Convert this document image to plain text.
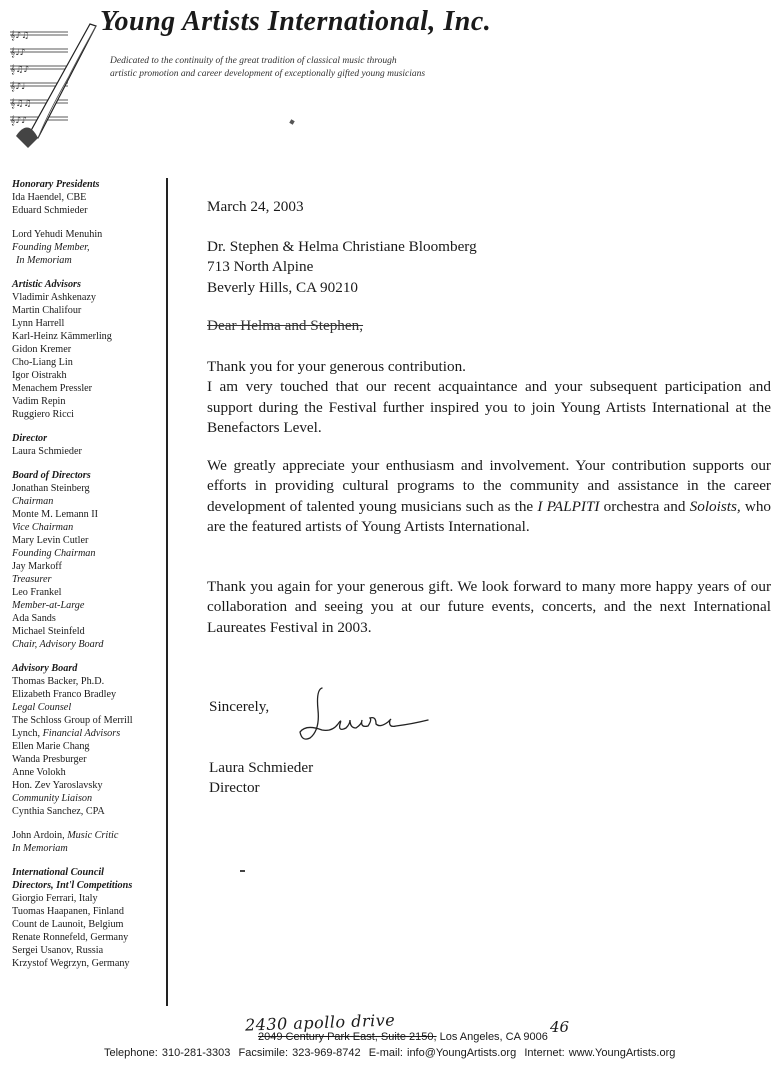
𝄞♪♫
𝄞♩♪
𝄞♫♪
𝄞♪♩
𝄞♫♫
𝄞♪♪
Young Artists International, Inc.
Dedicated to the continuity of the great tradition of classical music through
artistic promotion and career development of exceptionally gifted young musicians
Honorary Presidents
Ida Haendel, CBE
Eduard Schmieder
Lord Yehudi Menuhin
Founding Member,
In Memoriam
Artistic Advisors
Vladimir Ashkenazy
Martin Chalifour
Lynn Harrell
Karl-Heinz Kämmerling
Gidon Kremer
Cho-Liang Lin
Igor Oistrakh
Menachem Pressler
Vadim Repin
Ruggiero Ricci
Director
Laura Schmieder
Board of Directors
Jonathan Steinberg
Chairman
Monte M. Lemann II
Vice Chairman
Mary Levin Cutler
Founding Chairman
Jay Markoff
Treasurer
Leo Frankel
Member-at-Large
Ada Sands
Michael Steinfeld
Chair, Advisory Board
Advisory Board
Thomas Backer, Ph.D.
Elizabeth Franco Bradley
Legal Counsel
The Schloss Group of Merrill
Lynch, Financial Advisors
Ellen Marie Chang
Wanda Presburger
Anne Volokh
Hon. Zev Yaroslavsky
Community Liaison
Cynthia Sanchez, CPA
John Ardoin, Music Critic
In Memoriam
International Council
Directors, Int'l Competitions
Giorgio Ferrari, Italy
Tuomas Haapanen, Finland
Count de Launoit, Belgium
Renate Ronnefeld, Germany
Sergei Usanov, Russia
Krzystof Wegrzyn, Germany
March 24, 2003
Dr. Stephen & Helma Christiane Bloomberg
713 North Alpine
Beverly Hills, CA 90210
Dear Helma and Stephen,
Thank you for your generous contribution.
I am very touched that our recent acquaintance and your subsequent participation and support during the Festival further inspired you to join Young Artists International at the Benefactors Level.
We greatly appreciate your enthusiasm and involvement. Your contribution supports our efforts in providing cultural programs to the community and assistance in the career development of talented young musicians such as the I PALPITI orchestra and Soloists, who are the featured artists of Young Artists International.
Thank you again for your generous gift. We look forward to many more happy years of our collaboration and seeing you at our future events, concerts, and the next International Laureates Festival in 2003.
Sincerely,
Laura Schmieder
Director
2430 apollo drive	46
2049 Century Park East, Suite 2150, Los Angeles, CA 9006
Telephone: 310-281-3303 Facsimile: 323-969-8742 E-mail: info@YoungArtists.org Internet: www.YoungArtists.org
